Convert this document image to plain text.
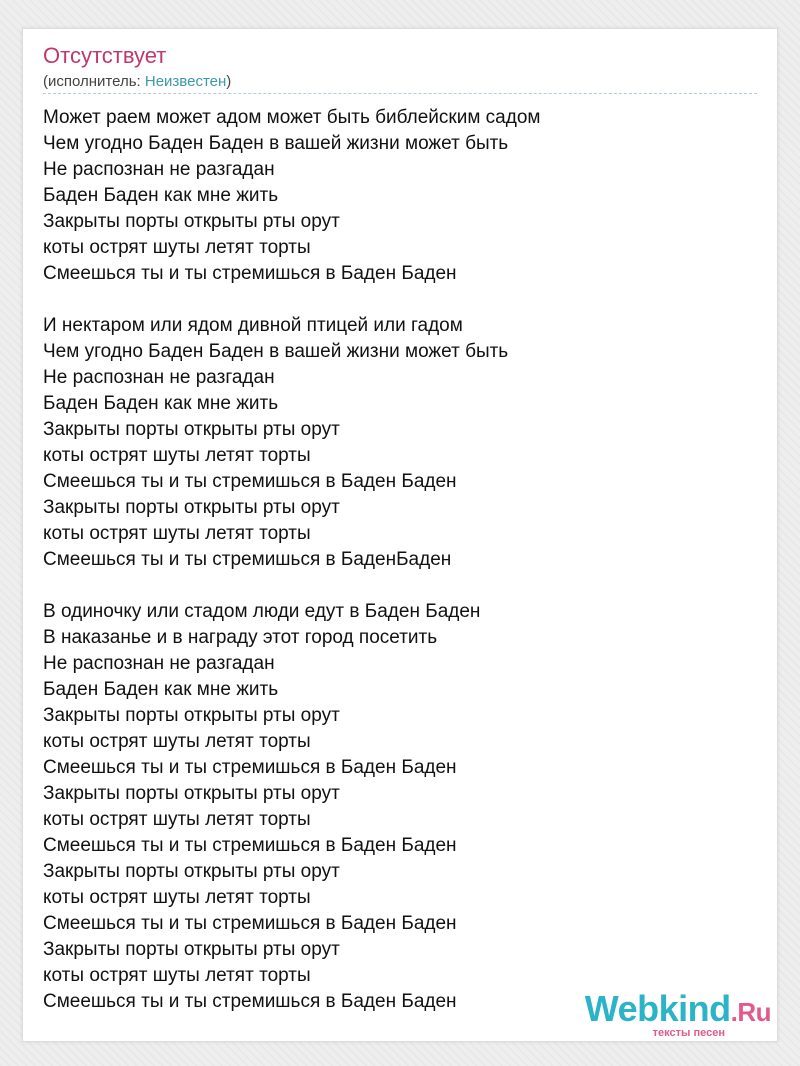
Отсутствует
(исполнитель: Неизвестен)
Может раем может адом может быть библейским садом
Чем угодно Баден Баден в вашей жизни может быть
Не распознан не разгадан
Баден Баден как мне жить
Закрыты порты открыты рты орут
коты острят шуты летят торты
Смеешься ты и ты стремишься в Баден Баден
И нектаром или ядом дивной птицей или гадом
Чем угодно Баден Баден в вашей жизни может быть
Не распознан не разгадан
Баден Баден как мне жить
Закрыты порты открыты рты орут
коты острят шуты летят торты
Смеешься ты и ты стремишься в Баден Баден
Закрыты порты открыты рты орут
коты острят шуты летят торты
Смеешься ты и ты стремишься в БаденБаден
В одиночку или стадом люди едут в Баден Баден
В наказанье и в награду этот город посетить
Не распознан не разгадан
Баден Баден как мне жить
Закрыты порты открыты рты орут
коты острят шуты летят торты
Смеешься ты и ты стремишься в Баден Баден
Закрыты порты открыты рты орут
коты острят шуты летят торты
Смеешься ты и ты стремишься в Баден Баден
Закрыты порты открыты рты орут
коты острят шуты летят торты
Смеешься ты и ты стремишься в Баден Баден
Закрыты порты открыты рты орут
коты острят шуты летят торты
Смеешься ты и ты стремишься в Баден Баден	Webkind.Ru
тексты песен
